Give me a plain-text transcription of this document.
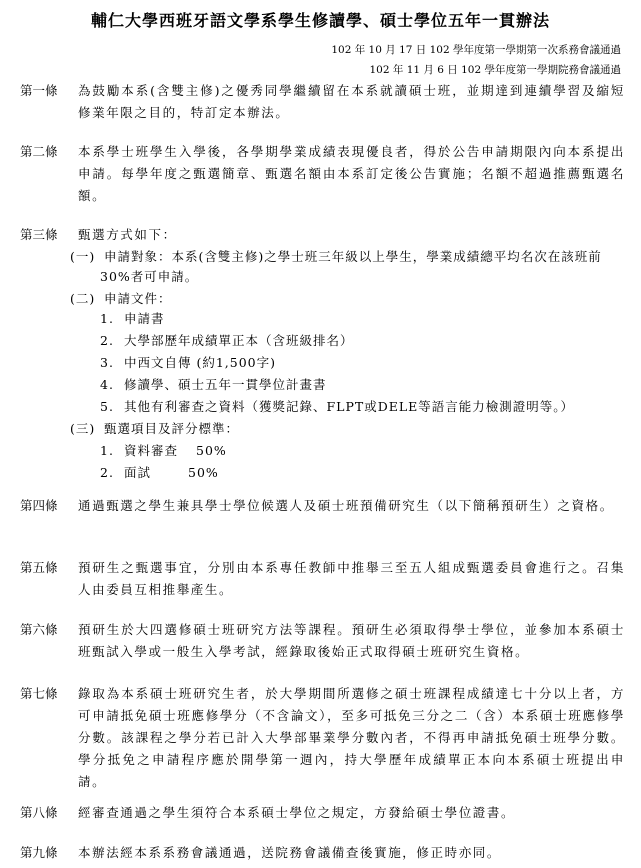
輔仁大學西班牙語文學系學生修讀學、碩士學位五年一貫辦法
102 年 10 月 17 日 102 學年度第一學期第一次系務會議通過
102 年 11 月 6 日 102 學年度第一學期院務會議通過
第一條	為鼓勵本系(含雙主修)之優秀同學繼續留在本系就讀碩士班，並期達到連續學習及縮短修業年限之目的，特訂定本辦法。
第二條	本系學士班學生入學後，各學期學業成績表現優良者，得於公告申請期限內向本系提出申請。每學年度之甄選簡章、甄選名額由本系訂定後公告實施；名額不超過推薦甄選名額。
第三條	甄選方式如下：
(一) 申請對象：本系(含雙主修)之學士班三年級以上學生，學業成績總平均名次在該班前
30%者可申請。
(二) 申請文件：
1. 申請書
2. 大學部歷年成績單正本（含班級排名）
3. 中西文自傳 (約1,500字)
4. 修讀學、碩士五年一貫學位計畫書
5. 其他有利審查之資料（獲獎記錄、FLPT或DELE等語言能力檢測證明等。）
(三) 甄選項目及評分標準：
1. 資料審查 50%
2. 面試	50%
第四條	通過甄選之學生兼具學士學位候選人及碩士班預備研究生（以下簡稱預研生）之資格。
第五條	預研生之甄選事宜，分別由本系專任教師中推舉三至五人組成甄選委員會進行之。召集人由委員互相推舉產生。
第六條	預研生於大四選修碩士班研究方法等課程。預研生必須取得學士學位，並參加本系碩士班甄試入學或一般生入學考試，經錄取後始正式取得碩士班研究生資格。
第七條	錄取為本系碩士班研究生者，於大學期間所選修之碩士班課程成績達七十分以上者，方可申請抵免碩士班應修學分（不含論文），至多可抵免三分之二（含）本系碩士班應修學分數。該課程之學分若已計入大學部畢業學分數內者，不得再申請抵免碩士班學分數。學分抵免之申請程序應於開學第一週內，持大學歷年成績單正本向本系碩士班提出申請。
第八條	經審查通過之學生須符合本系碩士學位之規定，方發給碩士學位證書。
第九條	本辦法經本系系務會議通過，送院務會議備查後實施，修正時亦同。
